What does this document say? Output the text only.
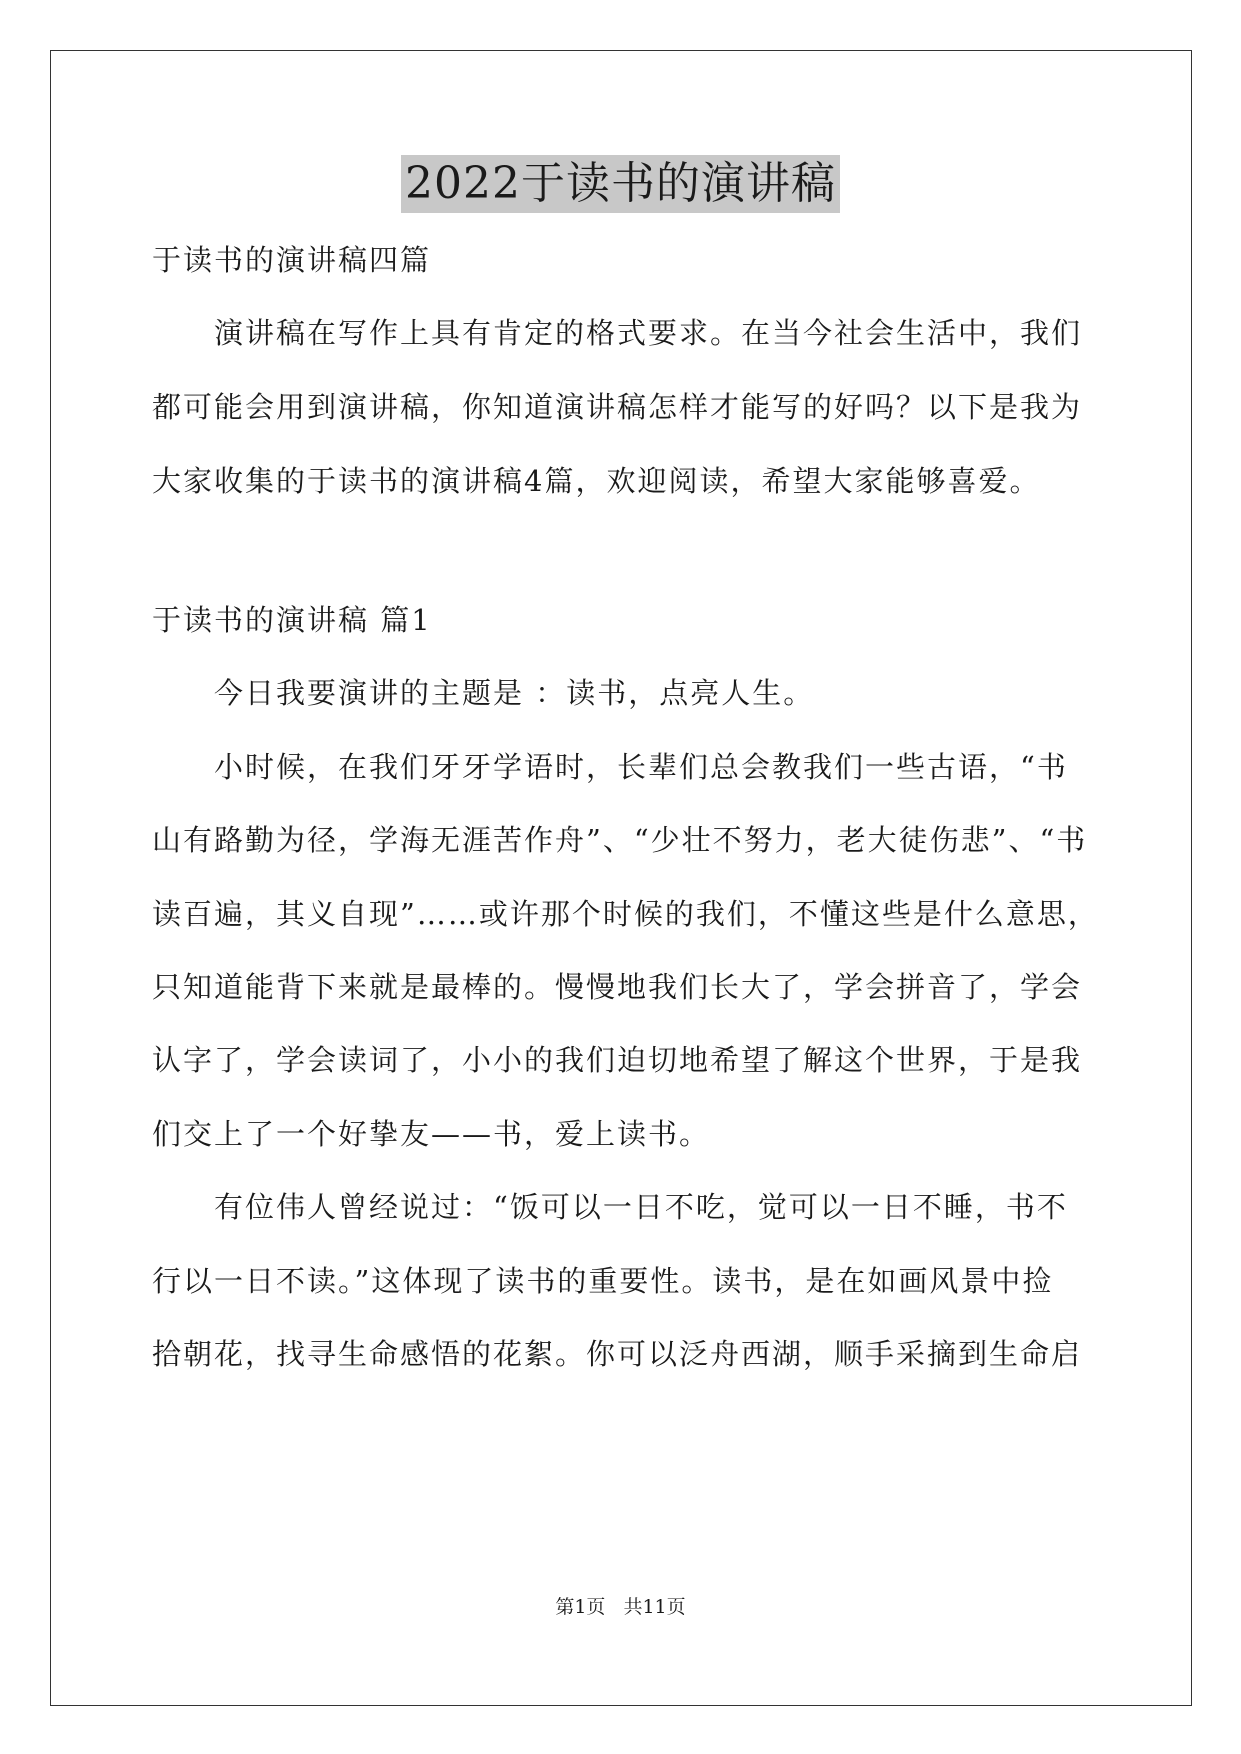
2022于读书的演讲稿
于读书的演讲稿四篇
　　演讲稿在写作上具有肯定的格式要求。在当今社会生活中，我们
都可能会用到演讲稿，你知道演讲稿怎样才能写的好吗？以下是我为
大家收集的于读书的演讲稿4篇，欢迎阅读，希望大家能够喜爱。
于读书的演讲稿 篇1
　　今日我要演讲的主题是 ：读书，点亮人生。
　　小时候，在我们牙牙学语时，长辈们总会教我们一些古语，“书
山有路勤为径，学海无涯苦作舟”、“少壮不努力，老大徒伤悲”、“书
读百遍，其义自现”……或许那个时候的我们，不懂这些是什么意思，
只知道能背下来就是最棒的。慢慢地我们长大了，学会拼音了，学会
认字了，学会读词了，小小的我们迫切地希望了解这个世界，于是我
们交上了一个好挚友——书，爱上读书。
　　有位伟人曾经说过：“饭可以一日不吃，觉可以一日不睡，书不
行以一日不读。”这体现了读书的重要性。读书，是在如画风景中捡
拾朝花，找寻生命感悟的花絮。你可以泛舟西湖，顺手采摘到生命启
第1页 共11页
